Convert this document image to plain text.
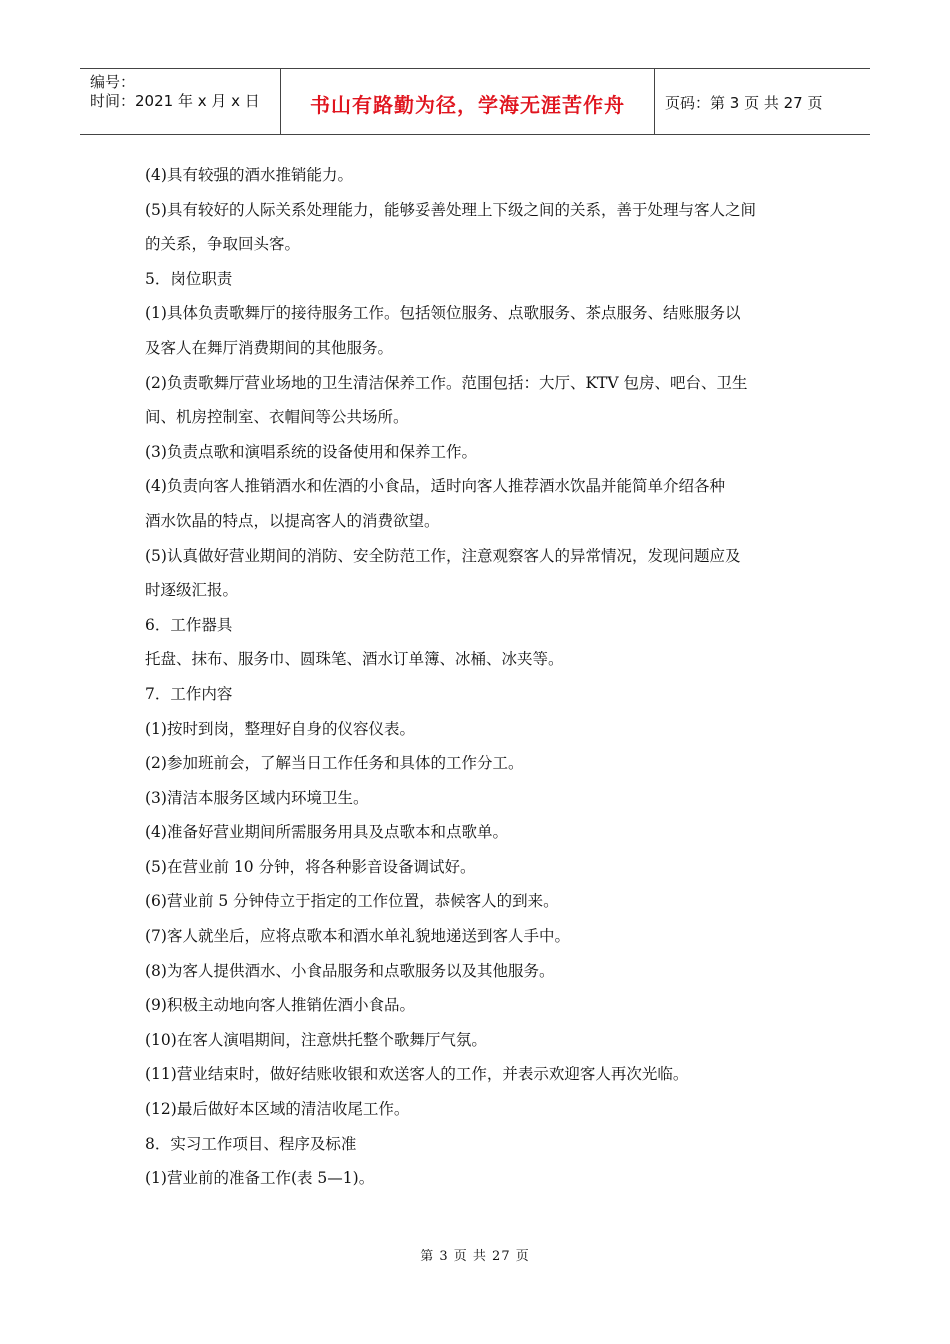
编号：
时间：2021 年 x 月 x 日	书山有路勤为径，学海无涯苦作舟	页码：第 3 页 共 27 页
(4)具有较强的酒水推销能力。
(5)具有较好的人际关系处理能力，能够妥善处理上下级之间的关系，善于处理与客人之间
的关系，争取回头客。
5．岗位职责
(1)具体负责歌舞厅的接待服务工作。包括领位服务、点歌服务、茶点服务、结账服务以
及客人在舞厅消费期间的其他服务。
(2)负责歌舞厅营业场地的卫生清洁保养工作。范围包括：大厅、KTV 包房、吧台、卫生
间、机房控制室、衣帽间等公共场所。
(3)负责点歌和演唱系统的设备使用和保养工作。
(4)负责向客人推销酒水和佐酒的小食品，适时向客人推荐酒水饮晶并能简单介绍各种
酒水饮晶的特点，以提高客人的消费欲望。
(5)认真做好营业期间的消防、安全防范工作，注意观察客人的异常情况，发现问题应及
时逐级汇报。
6．工作器具
托盘、抹布、服务巾、圆珠笔、酒水订单簿、冰桶、冰夹等。
7．工作内容
(1)按时到岗，整理好自身的仪容仪表。
(2)参加班前会，了解当日工作任务和具体的工作分工。
(3)清洁本服务区域内环境卫生。
(4)准备好营业期间所需服务用具及点歌本和点歌单。
(5)在营业前 10 分钟，将各种影音设备调试好。
(6)营业前 5 分钟侍立于指定的工作位置，恭候客人的到来。
(7)客人就坐后，应将点歌本和酒水单礼貌地递送到客人手中。
(8)为客人提供酒水、小食品服务和点歌服务以及其他服务。
(9)积极主动地向客人推销佐酒小食品。
(10)在客人演唱期间，注意烘托整个歌舞厅气氛。
(11)营业结束时，做好结账收银和欢送客人的工作，并表示欢迎客人再次光临。
(12)最后做好本区域的清洁收尾工作。
8．实习工作项目、程序及标准
(1)营业前的准备工作(表 5—1)。
第 3 页 共 27 页
